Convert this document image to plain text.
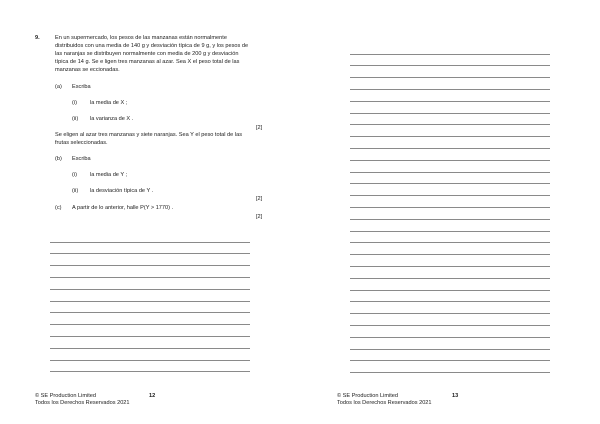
9.	En un supermercado, los pesos de las manzanas están normalmente
distribuidos con una media de 140 g y desviación típica de 9 g, y los pesos de
las naranjas se distribuyen normalmente con media de 200 g y desviación
típica de 14 g. Se e ligen tres manzanas al azar. Sea X el peso total de las
manzanas se eccionadas.
(a) Escriba
(i) la media de X ;
(ii) la varianza de X .
[2]
Se eligen al azar tres manzanas y siete naranjas. Sea Y el peso total de las
frutas seleccionadas.
(b) Escriba
(i) la media de Y ;
(ii) la desviación típica de Y .
[2]
(c) A partir de lo anterior, halle P(Y > 1770) .
[2]
© SE Production Limited
Todos los Derechos Reservados 2021
12	© SE Production Limited
Todos los Derechos Reservados 2021
13
